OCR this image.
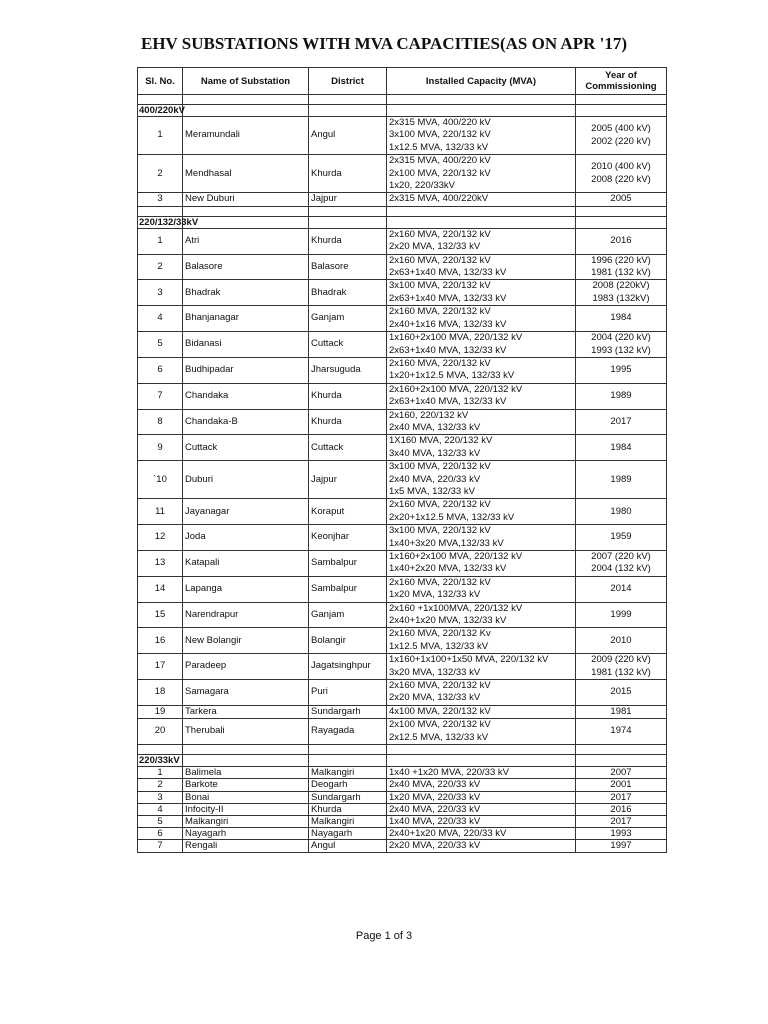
EHV SUBSTATIONS WITH MVA CAPACITIES(AS ON APR '17)
Sl. No.	Name of Substation	District	Installed Capacity (MVA)	Year of Commissioning

400/220kV				
1	Meramundali	Angul	2x315 MVA, 400/220 kV
3x100 MVA, 220/132 kV
1x12.5 MVA, 132/33 kV	2005 (400 kV)
2002 (220 kV)

2	Mendhasal	Khurda	2x315 MVA, 400/220 kV
2x100 MVA, 220/132 kV
1x20, 220/33kV	2010 (400 kV)
2008 (220 kV)

3	New Duburi	Jajpur	2x315 MVA, 400/220kV	2005

220/132/33kV				
1	Atri	Khurda	2x160 MVA, 220/132 kV
2x20 MVA, 132/33 kV	2016

2	Balasore	Balasore	2x160 MVA, 220/132 kV
2x63+1x40 MVA, 132/33 kV	1996 (220 kV)
1981 (132 kV)

3	Bhadrak	Bhadrak	3x100 MVA, 220/132 kV
2x63+1x40 MVA, 132/33 kV	2008 (220kV)
1983 (132kV)

4	Bhanjanagar	Ganjam	2x160 MVA, 220/132 kV
2x40+1x16 MVA, 132/33 kV	1984

5	Bidanasi	Cuttack	1x160+2x100 MVA, 220/132 kV
2x63+1x40 MVA, 132/33 kV	2004 (220 kV)
1993 (132 kV)

6	Budhipadar	Jharsuguda	2x160 MVA, 220/132 kV
1x20+1x12.5 MVA, 132/33 kV	1995

7	Chandaka	Khurda	2x160+2x100 MVA, 220/132 kV
2x63+1x40 MVA, 132/33 kV	1989

8	Chandaka-B	Khurda	2x160, 220/132 kV
2x40 MVA, 132/33 kV	2017

9	Cuttack	Cuttack	1X160 MVA, 220/132 kV
3x40 MVA, 132/33 kV	1984

`10	Duburi	Jajpur	3x100 MVA, 220/132 kV
2x40 MVA, 220/33 kV
1x5 MVA, 132/33 kV	1989

11	Jayanagar	Koraput	2x160 MVA, 220/132 kV
2x20+1x12.5 MVA, 132/33 kV	1980

12	Joda	Keonjhar	3x100 MVA, 220/132 kV
1x40+3x20 MVA,132/33 kV	1959

13	Katapali	Sambalpur	1x160+2x100 MVA, 220/132 kV
1x40+2x20 MVA, 132/33 kV	2007 (220 kV)
2004 (132 kV)

14	Lapanga	Sambalpur	2x160 MVA, 220/132 kV
1x20 MVA, 132/33 kV	2014

15	Narendrapur	Ganjam	2x160 +1x100MVA, 220/132 kV
2x40+1x20 MVA, 132/33 kV	1999

16	New Bolangir	Bolangir	2x160 MVA, 220/132 Kv
1x12.5 MVA, 132/33 kV	2010

17	Paradeep	Jagatsinghpur	1x160+1x100+1x50 MVA, 220/132 kV
3x20 MVA, 132/33 kV	2009 (220 kV)
1981 (132 kV)

18	Samagara	Puri	2x160 MVA, 220/132 kV
2x20 MVA, 132/33 kV	2015

19	Tarkera	Sundargarh	4x100 MVA, 220/132 kV	1981

20	Therubali	Rayagada	2x100 MVA, 220/132 kV
2x12.5 MVA, 132/33 kV	1974

220/33kV				
1	Balimela	Malkangiri	1x40 +1x20 MVA, 220/33 kV	2007

2	Barkote	Deogarh	2x40 MVA, 220/33 kV	2001

3	Bonai	Sundargarh	1x20 MVA, 220/33 kV	2017

4	Infocity-II	Khurda	2x40 MVA, 220/33 kV	2016

5	Malkangiri	Malkangiri	1x40 MVA, 220/33 kV	2017

6	Nayagarh	Nayagarh	2x40+1x20 MVA, 220/33 kV	1993

7	Rengali	Angul	2x20 MVA, 220/33 kV	1997
Page 1 of 3
